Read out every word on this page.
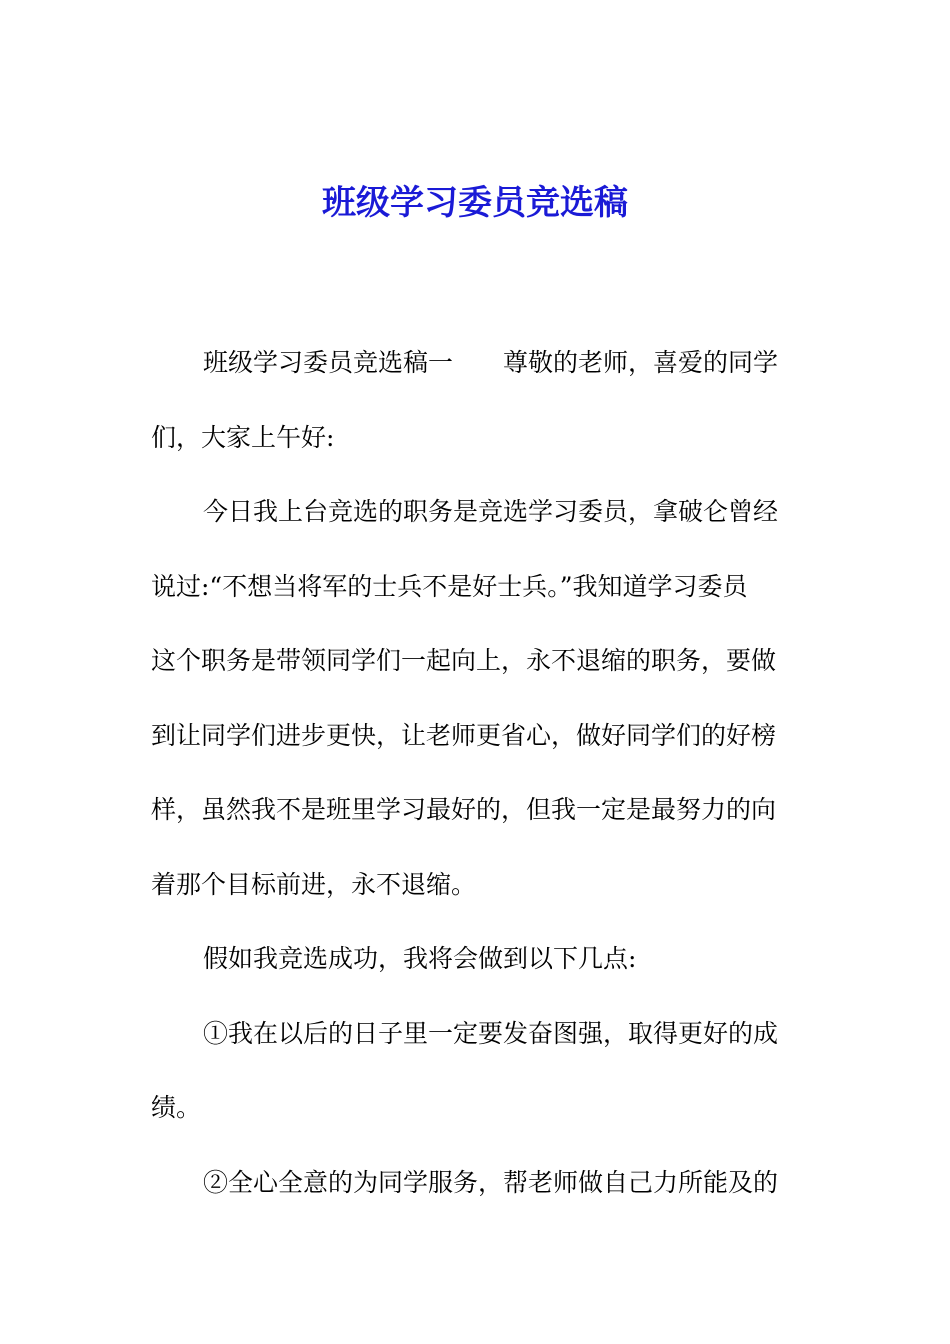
班级学习委员竞选稿
班级学习委员竞选稿一　　尊敬的老师，喜爱的同学
们，大家上午好:
今日我上台竞选的职务是竞选学习委员，拿破仑曾经
说过:“不想当将军的士兵不是好士兵。”我知道学习委员
这个职务是带领同学们一起向上，永不退缩的职务，要做
到让同学们进步更快，让老师更省心，做好同学们的好榜
样，虽然我不是班里学习最好的，但我一定是最努力的向
着那个目标前进，永不退缩。
假如我竞选成功，我将会做到以下几点:
①我在以后的日子里一定要发奋图强，取得更好的成
绩。
②全心全意的为同学服务，帮老师做自己力所能及的
